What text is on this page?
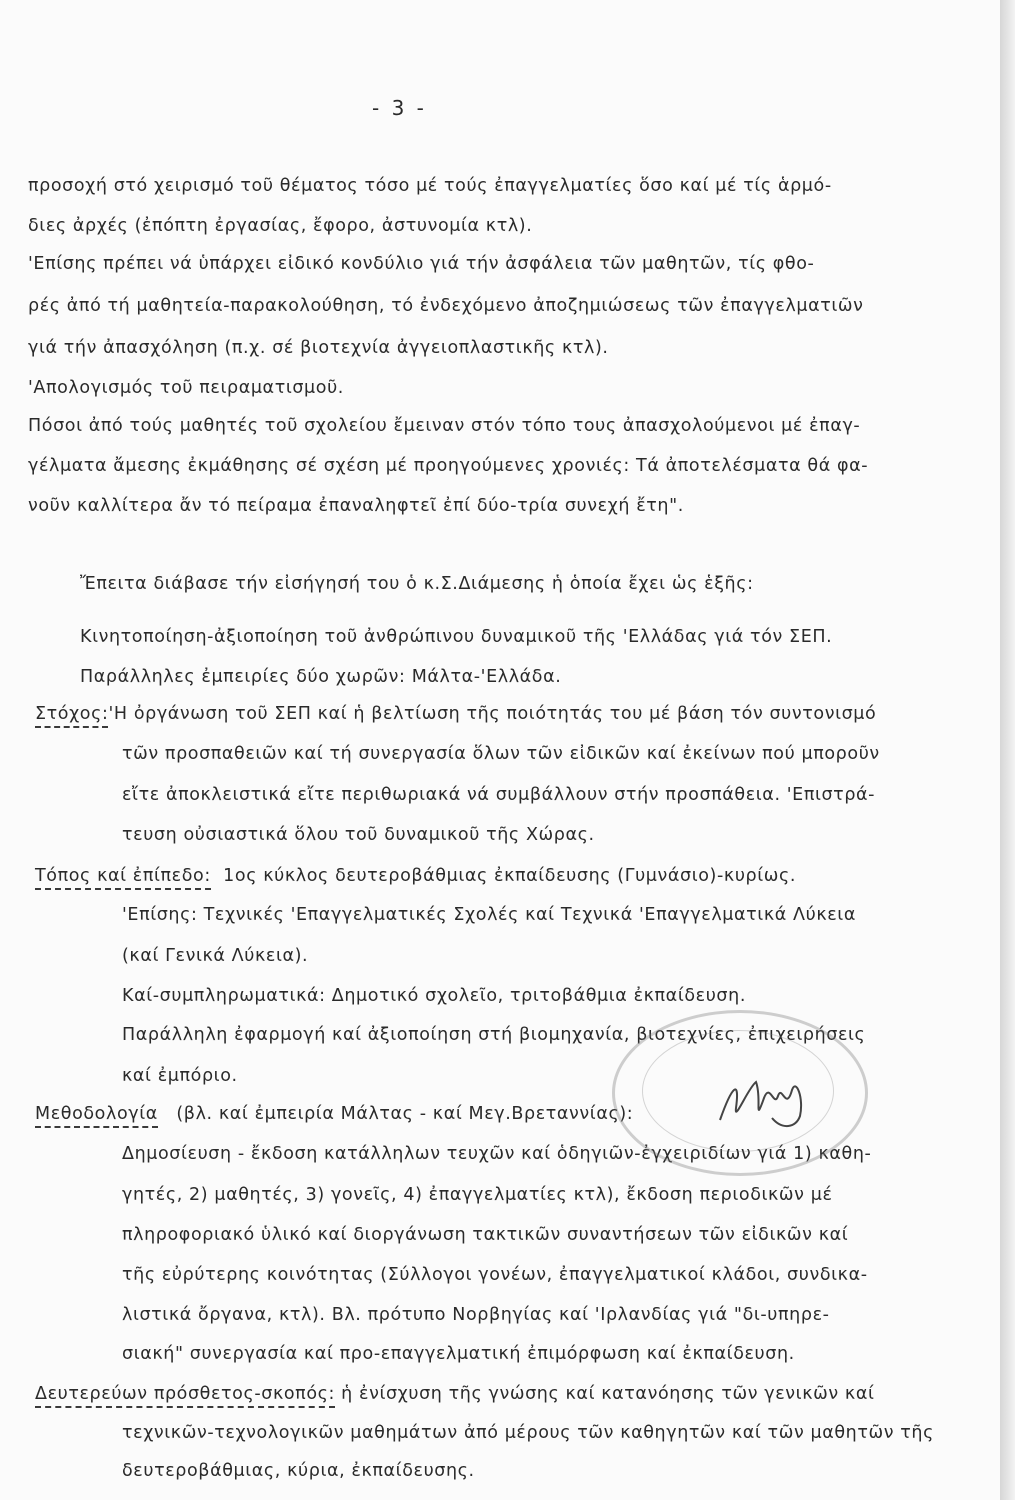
- 3 -
προσοχή στό χειρισμό τοῦ θέματος τόσο μέ τούς ἐπαγγελματίες ὅσο καί μέ τίς ἁρμό-
διες ἀρχές (ἐπόπτη ἐργασίας, ἔφορο, ἀστυνομία κτλ).
'Επίσης πρέπει νά ὑπάρχει εἰδικό κονδύλιο γιά τήν ἀσφάλεια τῶν μαθητῶν, τίς φθο-
ρές ἀπό τή μαθητεία-παρακολούθηση, τό ἐνδεχόμενο ἀποζημιώσεως τῶν ἐπαγγελματιῶν
γιά τήν ἀπασχόληση (π.χ. σέ βιοτεχνία ἀγγειοπλαστικῆς κτλ).
'Απολογισμός τοῦ πειραματισμοῦ.
Πόσοι ἀπό τούς μαθητές τοῦ σχολείου ἔμειναν στόν τόπο τους ἀπασχολούμενοι μέ ἐπαγ-
γέλματα ἄμεσης ἐκμάθησης σέ σχέση μέ προηγούμενες χρονιές: Τά ἀποτελέσματα θά φα-
νοῦν καλλίτερα ἄν τό πείραμα ἐπαναληφτεῖ ἐπί δύο-τρία συνεχή ἔτη".
Ἔπειτα διάβασε τήν εἰσήγησή του ὁ κ.Σ.Διάμεσης ἡ ὁποία ἔχει ὡς ἑξῆς:
Κινητοποίηση-ἀξιοποίηση τοῦ ἀνθρώπινου δυναμικοῦ τῆς 'Ελλάδας γιά τόν ΣΕΠ.
Παράλληλες ἐμπειρίες δύο χωρῶν: Μάλτα-'Ελλάδα.
Στόχος:'Η ὀργάνωση τοῦ ΣΕΠ καί ἡ βελτίωση τῆς ποιότητάς του μέ βάση τόν συντονισμό
τῶν προσπαθειῶν καί τή συνεργασία ὅλων τῶν εἰδικῶν καί ἐκείνων πού μποροῦν
εἴτε ἀποκλειστικά εἴτε περιθωριακά νά συμβάλλουν στήν προσπάθεια. 'Επιστρά-
τευση οὐσιαστικά ὅλου τοῦ δυναμικοῦ τῆς Χώρας.
Τόπος καί ἐπίπεδο: 1ος κύκλος δευτεροβάθμιας ἐκπαίδευσης (Γυμνάσιο)-κυρίως.
'Επίσης: Τεχνικές 'Επαγγελματικές Σχολές καί Τεχνικά 'Επαγγελματικά Λύκεια
(καί Γενικά Λύκεια).
Καί-συμπληρωματικά: Δημοτικό σχολεῖο, τριτοβάθμια ἐκπαίδευση.
Παράλληλη ἐφαρμογή καί ἀξιοποίηση στή βιομηχανία, βιοτεχνίες, ἐπιχειρήσεις
καί ἐμπόριο.
Μεθοδολογία (βλ. καί ἐμπειρία Μάλτας - καί Μεγ.Βρεταννίας):
Δημοσίευση - ἔκδοση κατάλληλων τευχῶν καί ὁδηγιῶν-ἐγχειριδίων γιά 1) καθη-
γητές, 2) μαθητές, 3) γονεῖς, 4) ἐπαγγελματίες κτλ), ἔκδοση περιοδικῶν μέ
πληροφοριακό ὑλικό καί διοργάνωση τακτικῶν συναντήσεων τῶν εἰδικῶν καί
τῆς εὐρύτερης κοινότητας (Σύλλογοι γονέων, ἐπαγγελματικοί κλάδοι, συνδικα-
λιστικά ὄργανα, κτλ). Βλ. πρότυπο Νορβηγίας καί 'Ιρλανδίας γιά "δι-υπηρε-
σιακή" συνεργασία καί προ-επαγγελματική ἐπιμόρφωση καί ἐκπαίδευση.
Δευτερεύων πρόσθετος-σκοπός: ἡ ἐνίσχυση τῆς γνώσης καί κατανόησης τῶν γενικῶν καί
τεχνικῶν-τεχνολογικῶν μαθημάτων ἀπό μέρους τῶν καθηγητῶν καί τῶν μαθητῶν τῆς
δευτεροβάθμιας, κύρια, ἐκπαίδευσης.
